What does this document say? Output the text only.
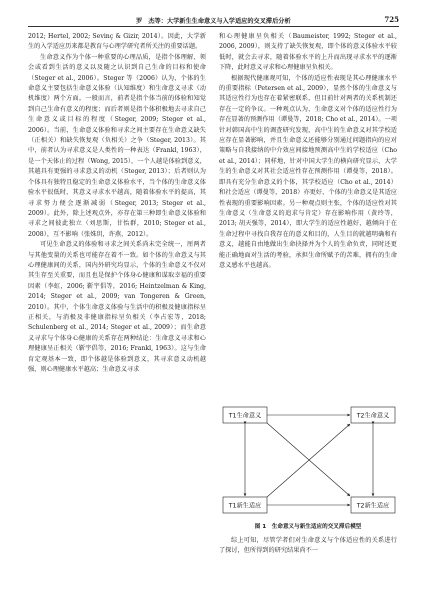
罗　杰等：大学新生生命意义与入学适应的交叉滞后分析	725

2012; Hertel, 2002; Sevinç & Gizir, 2014）。因此，大学新生的入学适应历来都是教育与心理学研究者所关注的重要话题。

生命意义作为个体一种重要的心理品质，是指个体理解、领会或看到生活的意义以及随之认识到自己生命的目标和使命（Steger et al., 2006）。Steger 等（2006）认为，个体的生命意义主要包括生命意义体验（认知维度）和生命意义寻求（动机维度）两个方面。一般而言，前者是指个体当前的体验和知觉到自己生命有意义的程度；而后者则是指个体积极地去寻求自己生命意义或目标的程度（Steger, 2009; Steger et al., 2006）。当前，生命意义体验和寻求之间主要存在生命意义缺失（正相关）和缺失恢复观（负相关）之争（Steger, 2013）。其中，前者认为寻求意义是人类性的一种表达（Frankl, 1963），是一个天体止的过程（Wong, 2015），一个人越是体验到意义，其越具有更强的寻求意义的动机（Steger, 2013）；后者则认为个体具有独特且稳定的生命意义体验水平，当个体的生命意义体验水平很低时，其意义寻求水平越高，随着体验水平的提高，其寻求努力便会逐渐减弱（Steger, 2013; Steger et al., 2009）。此外，除上述观点外，亦存在第三种即生命意义体验和寻求之间彼此独立（刘思斯，甘怡群，2010; Steger et al., 2008），互不影响（张姝玥，许燕，2012）。

可见生命意义的体验和寻求之间关系尚未完全统一，厘两者与其他变量的关系也可能存在着不一致。如个体的生命意义与其心理健康间的关系，国内外研究均显示，个体的生命意义不仅对其生存至关重要，而且也是保护个体身心健康和谋取幸福的重要因素（李虹，2006; 靳宇倡等，2016; Heintzelman & King, 2014; Steger et al., 2009; van Tongeren & Green, 2010）。其中，个体生命意义体验与生活中的积极及健康指标呈正相关，与消极及非健康指标呈负相关（李占宏等，2018; Schulenberg et al., 2014; Steger et al., 2009）；而生命意义寻求与个体身心健康的关系存在两种结论：生命意义寻求和心理健康呈正相关（靳宇倡等，2016; Frankl, 1963）。这与生命育定观基本一致，即个体越是体验到意义，其寻求意义动机越强，则心理健康水平越高；生命意义寻求

和心理健康呈负相关（Baumeister, 1992; Steger et al., 2006, 2009），则支持了缺失恢复观，即个体的意义体验水平较低时，就会去寻求，随着体验水平的上升而出现寻求水平的逐渐下降，此时意义寻求和心理健康呈负相关。

根据现代健康观可知，个体的适应性表现是其心理健康水平的重要指标（Petersen et al., 2009），显然个体的生命意义与其适应性行为也存在着紧密联系，但目前针对两者的关系机制还存在一定的争议。一种观点认为，生命意义对个体的适应性行为存在显著的预测作用（谭曼等，2018; Cho et al., 2014）。一项针对韩国高中生的调查研究发现，高中生的生命意义对其学校适应存在显著影响，并且生命意义还能够分别通过问题指向的应对策略与自我接纳的中介效应间接地预测高中生的学校适应（Cho et al., 2014）；同样地，针对中国大学生的横向研究显示，大学生的生命意义对其社会适应性存在预测作用（谭曼等，2018）。即具有充分生命意义的个体，其学校适应（Cho et al., 2014）和社会适应（谭曼等，2018）亦更好，个体的生命意义是其适应性表现的重要影响因素。另一种观点则主张，个体的适应性对其生命意义（生命意义的追求与肯定）存在影响作用（黄玲等，2013; 胡天强等，2014），即大学生的适应性越好，越倾向于在生命过程中寻找自我存在的意义和目的，人生目的就越明确和有意义，越能自由地做出生命抉择并为个人的生命负责，同时还更能正确地面对生活的考验，承担生命所赋予的苦难，拥有的生命意义感水平也越高。

T1生命意义	T2生命意义
T1新生适应	T2新生适应
图 1　生命意义与新生适应的交叉滞后模型

综上可知，尽管学者们对生命意义与个体适应性的关系进行了探讨，但所得到的研究结果尚不一
